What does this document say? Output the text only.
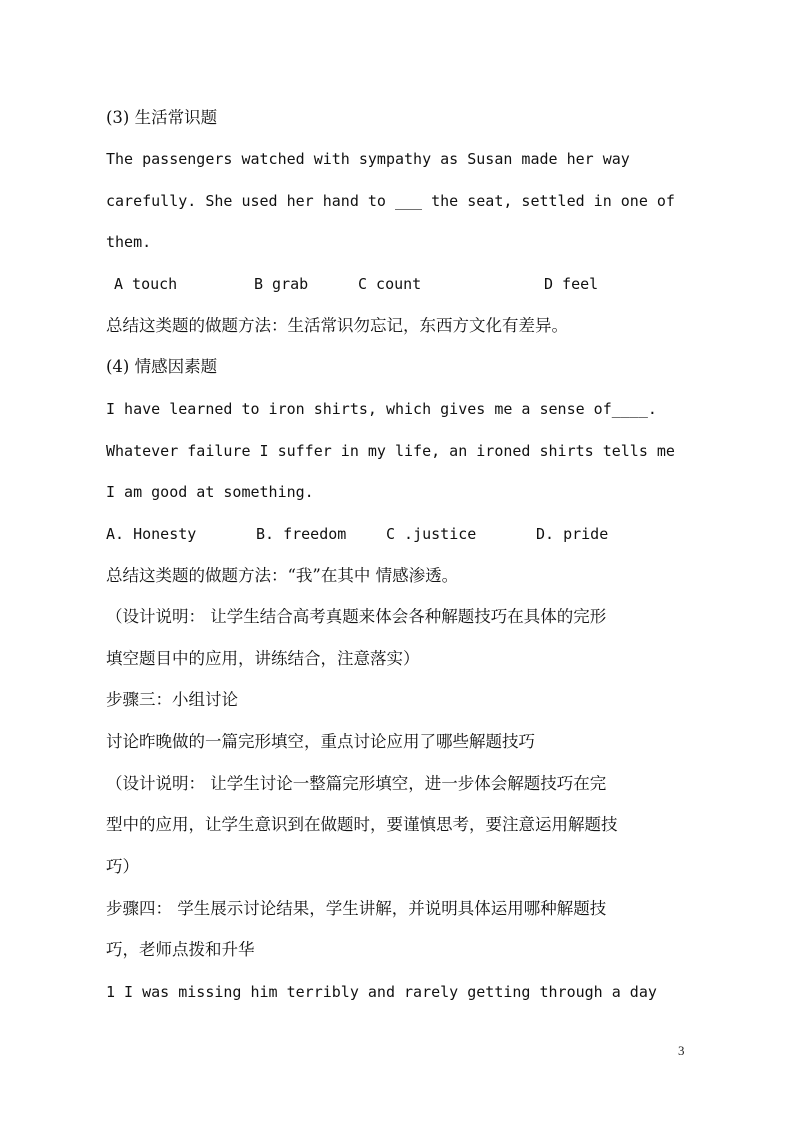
(3) 生活常识题
The passengers watched with sympathy as Susan made her way
carefully. She used her hand to ___ the seat, settled in one of
them.
A touch	B grab	C count	D feel
总结这类题的做题方法：生活常识勿忘记，东西方文化有差异。
(4) 情感因素题
I have learned to iron shirts, which gives me a sense of____.
Whatever failure I suffer in my life, an ironed shirts tells me
I am good at something.
A. Honesty	B. freedom	C .justice	D. pride
总结这类题的做题方法：“我”在其中 情感渗透。
（设计说明： 让学生结合高考真题来体会各种解题技巧在具体的完形
填空题目中的应用，讲练结合，注意落实）
步骤三：小组讨论
讨论昨晚做的一篇完形填空，重点讨论应用了哪些解题技巧
（设计说明： 让学生讨论一整篇完形填空，进一步体会解题技巧在完
型中的应用，让学生意识到在做题时，要谨慎思考，要注意运用解题技
巧）
步骤四： 学生展示讨论结果，学生讲解，并说明具体运用哪种解题技
巧，老师点拨和升华
1 I was missing him terribly and rarely getting through a day
3
